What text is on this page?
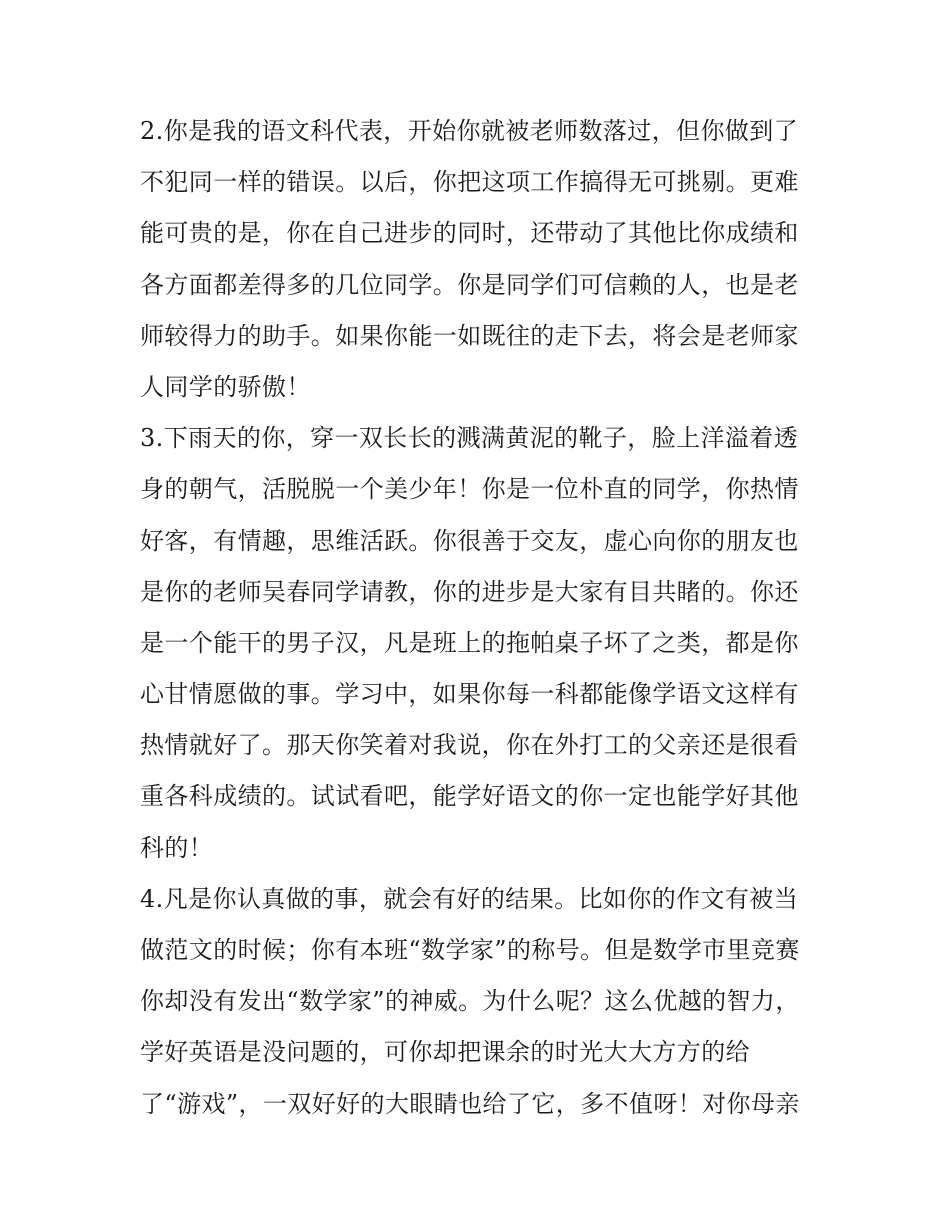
2.你是我的语文科代表，开始你就被老师数落过，但你做到了
不犯同一样的错误。以后，你把这项工作搞得无可挑剔。更难
能可贵的是，你在自己进步的同时，还带动了其他比你成绩和
各方面都差得多的几位同学。你是同学们可信赖的人，也是老
师较得力的助手。如果你能一如既往的走下去，将会是老师家
人同学的骄傲！
3.下雨天的你，穿一双长长的溅满黄泥的靴子，脸上洋溢着透
身的朝气，活脱脱一个美少年！你是一位朴直的同学，你热情
好客，有情趣，思维活跃。你很善于交友，虚心向你的朋友也
是你的老师吴春同学请教，你的进步是大家有目共睹的。你还
是一个能干的男子汉，凡是班上的拖帕桌子坏了之类，都是你
心甘情愿做的事。学习中，如果你每一科都能像学语文这样有
热情就好了。那天你笑着对我说，你在外打工的父亲还是很看
重各科成绩的。试试看吧，能学好语文的你一定也能学好其他
科的！
4.凡是你认真做的事，就会有好的结果。比如你的作文有被当
做范文的时候；你有本班“数学家”的称号。但是数学市里竞赛
你却没有发出“数学家”的神威。为什么呢？这么优越的智力，
学好英语是没问题的，可你却把课余的时光大大方方的给
了“游戏”，一双好好的大眼睛也给了它，多不值呀！对你母亲
